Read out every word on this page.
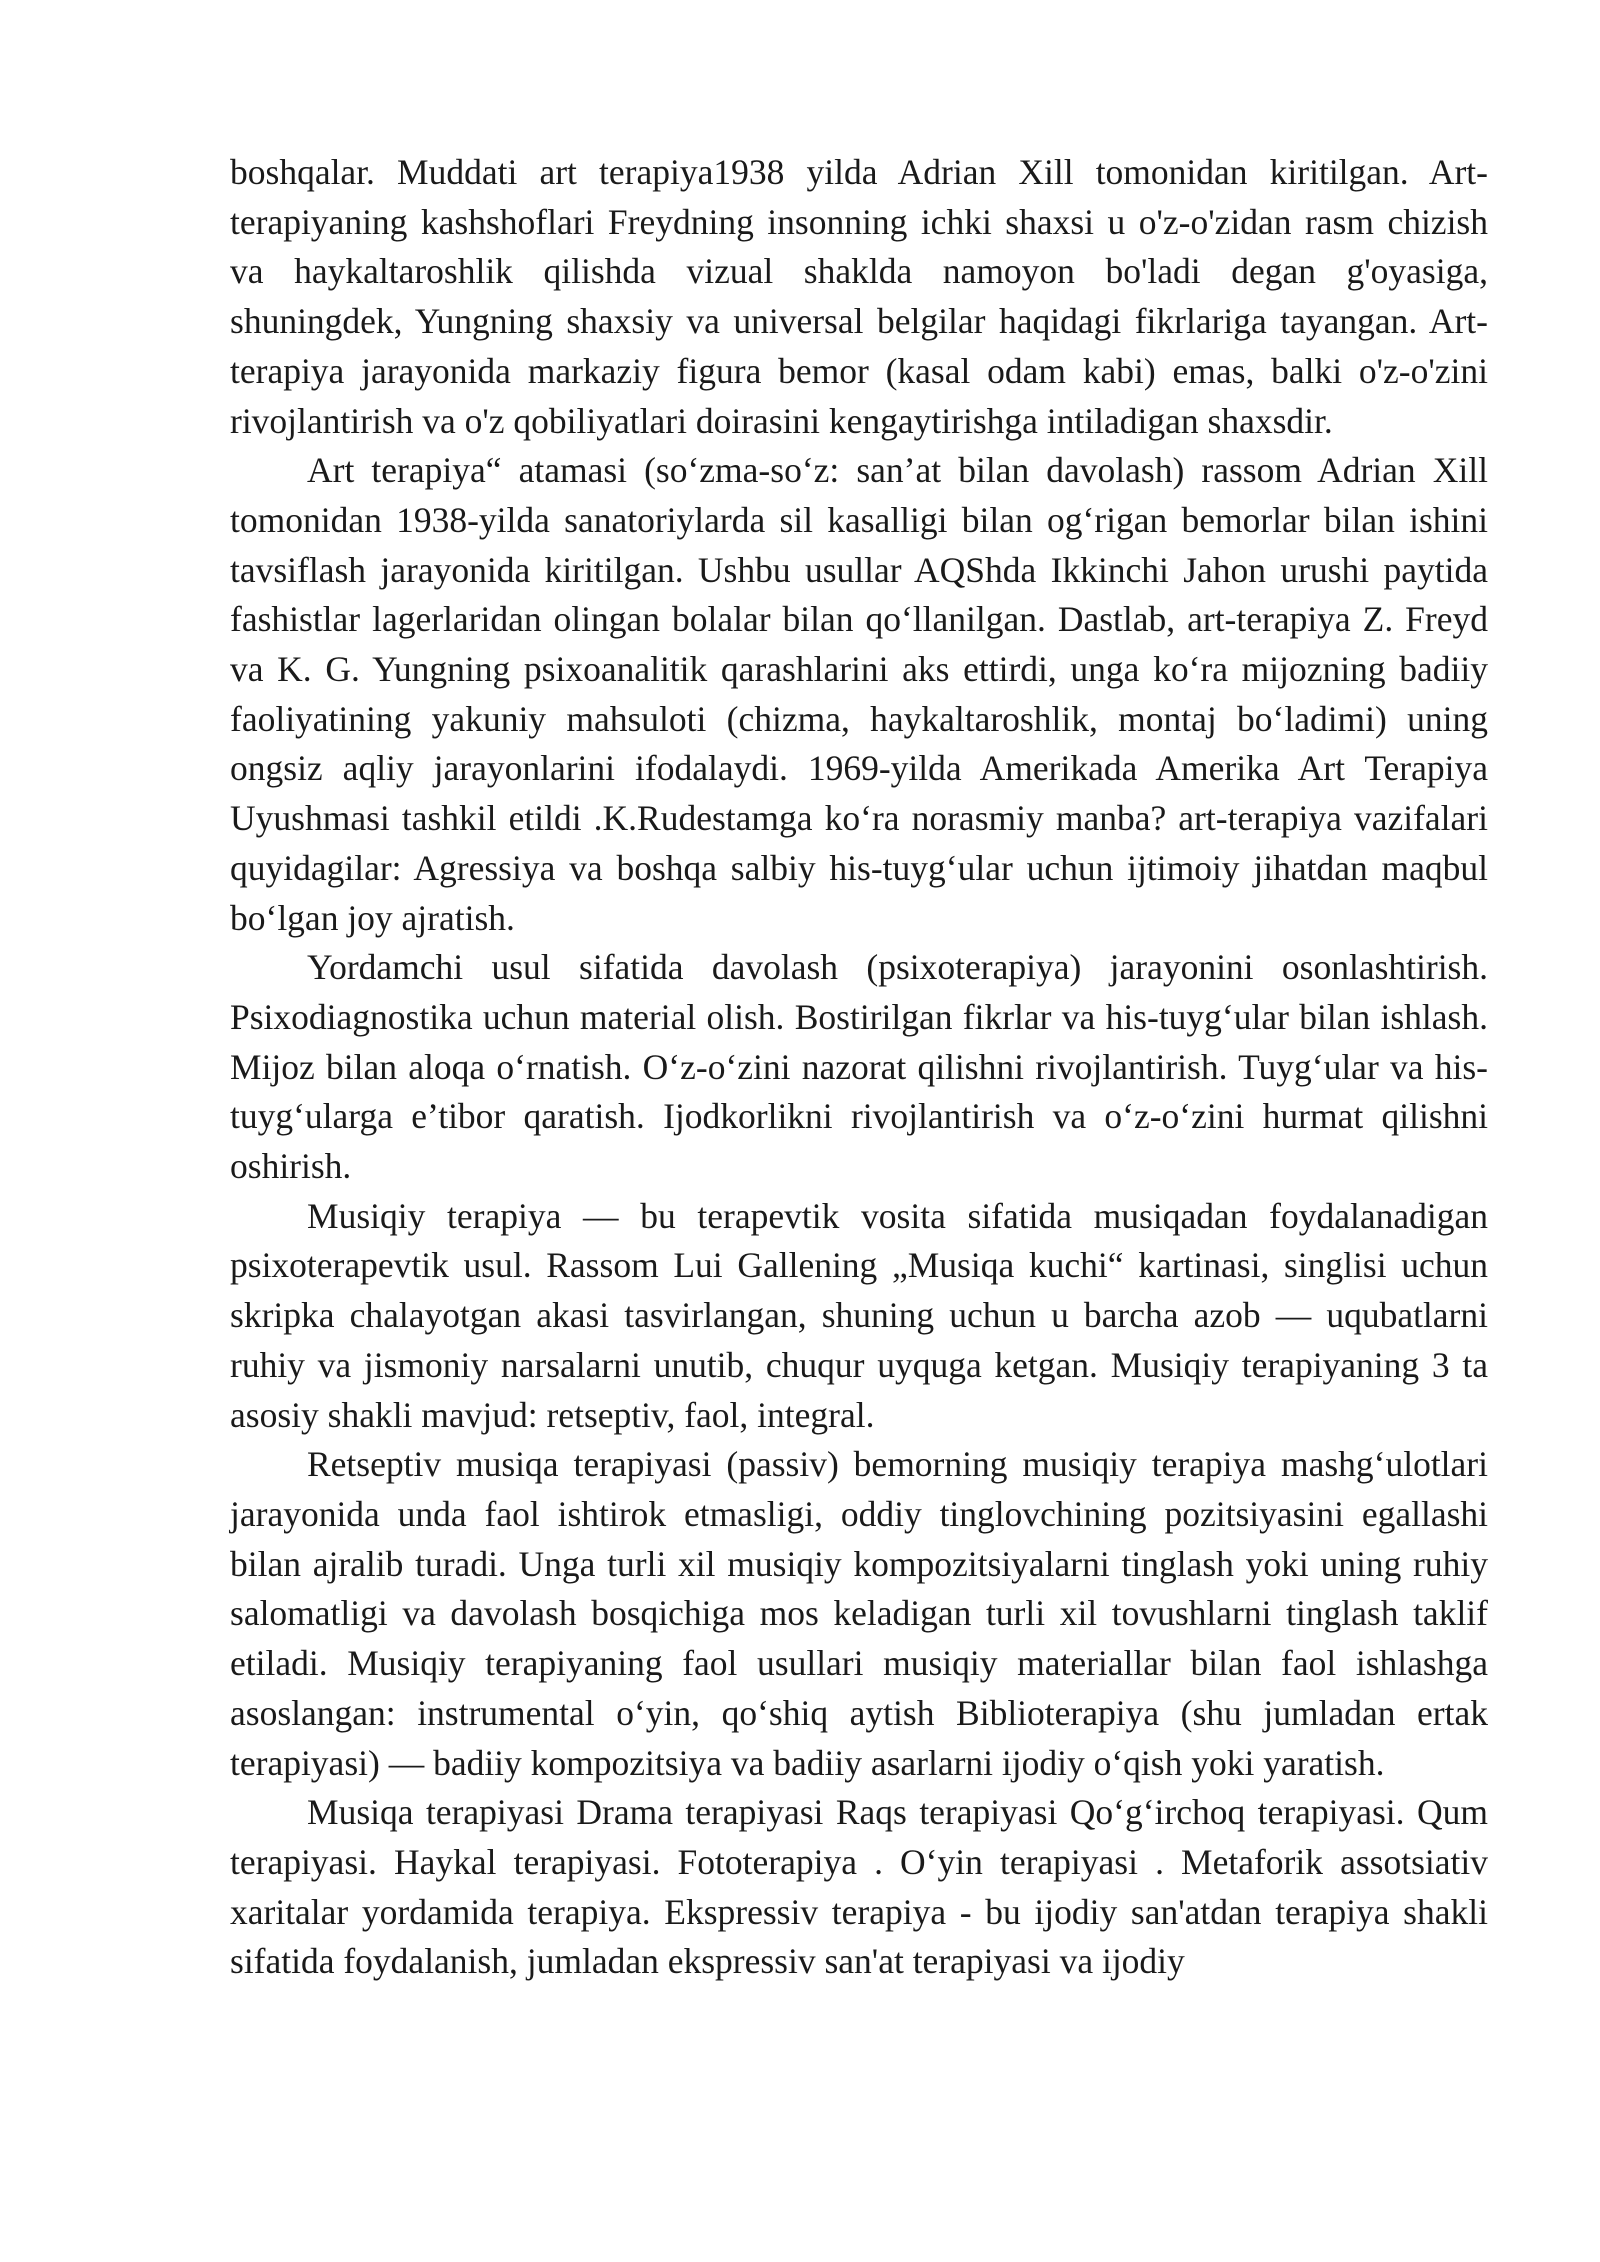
boshqalar. Muddati art terapiya1938 yilda Adrian Xill tomonidan kiritilgan. Art-terapiyaning kashshoflari Freydning insonning ichki shaxsi u o'z-o'zidan rasm chizish va haykaltaroshlik qilishda vizual shaklda namoyon bo'ladi degan g'oyasiga, shuningdek, Yungning shaxsiy va universal belgilar haqidagi fikrlariga tayangan. Art-terapiya jarayonida markaziy figura bemor (kasal odam kabi) emas, balki o'z-o'zini rivojlantirish va o'z qobiliyatlari doirasini kengaytirishga intiladigan shaxsdir.

Art terapiya“ atamasi (so‘zma-so‘z: san’at bilan davolash) rassom Adrian Xill tomonidan 1938-yilda sanatoriylarda sil kasalligi bilan og‘rigan bemorlar bilan ishini tavsiflash jarayonida kiritilgan. Ushbu usullar AQShda Ikkinchi Jahon urushi paytida fashistlar lagerlaridan olingan bolalar bilan qo‘llanilgan. Dastlab, art-terapiya Z. Freyd va K. G. Yungning psixoanalitik qarashlarini aks ettirdi, unga ko‘ra mijozning badiiy faoliyatining yakuniy mahsuloti (chizma, haykaltaroshlik, montaj bo‘ladimi) uning ongsiz aqliy jarayonlarini ifodalaydi. 1969-yilda Amerikada Amerika Art Terapiya Uyushmasi tashkil etildi .K.Rudestamga ko‘ra norasmiy manba? art-terapiya vazifalari quyidagilar: Agressiya va boshqa salbiy his-tuyg‘ular uchun ijtimoiy jihatdan maqbul bo‘lgan joy ajratish.

Yordamchi usul sifatida davolash (psixoterapiya) jarayonini osonlashtirish. Psixodiagnostika uchun material olish. Bostirilgan fikrlar va his-tuyg‘ular bilan ishlash. Mijoz bilan aloqa o‘rnatish. O‘z-o‘zini nazorat qilishni rivojlantirish. Tuyg‘ular va his-tuyg‘ularga e’tibor qaratish. Ijodkorlikni rivojlantirish va o‘z-o‘zini hurmat qilishni oshirish.

Musiqiy terapiya — bu terapevtik vosita sifatida musiqadan foydalanadigan psixoterapevtik usul. Rassom Lui Gallening „Musiqa kuchi“ kartinasi, singlisi uchun skripka chalayotgan akasi tasvirlangan, shuning uchun u barcha azob — uqubatlarni ruhiy va jismoniy narsalarni unutib, chuqur uyquga ketgan. Musiqiy terapiyaning 3 ta asosiy shakli mavjud: retseptiv, faol, integral.

Retseptiv musiqa terapiyasi (passiv) bemorning musiqiy terapiya mashg‘ulotlari jarayonida unda faol ishtirok etmasligi, oddiy tinglovchining pozitsiyasini egallashi bilan ajralib turadi. Unga turli xil musiqiy kompozitsiyalarni tinglash yoki uning ruhiy salomatligi va davolash bosqichiga mos keladigan turli xil tovushlarni tinglash taklif etiladi. Musiqiy terapiyaning faol usullari musiqiy materiallar bilan faol ishlashga asoslangan: instrumental o‘yin, qo‘shiq aytish Biblioterapiya (shu jumladan ertak terapiyasi) — badiiy kompozitsiya va badiiy asarlarni ijodiy o‘qish yoki yaratish.

Musiqa terapiyasi Drama terapiyasi Raqs terapiyasi Qo‘g‘irchoq terapiyasi. Qum terapiyasi. Haykal terapiyasi. Fototerapiya . O‘yin terapiyasi . Metaforik assotsiativ xaritalar yordamida terapiya. Ekspressiv terapiya - bu ijodiy san'atdan terapiya shakli sifatida foydalanish, jumladan ekspressiv san'at terapiyasi va ijodiy
